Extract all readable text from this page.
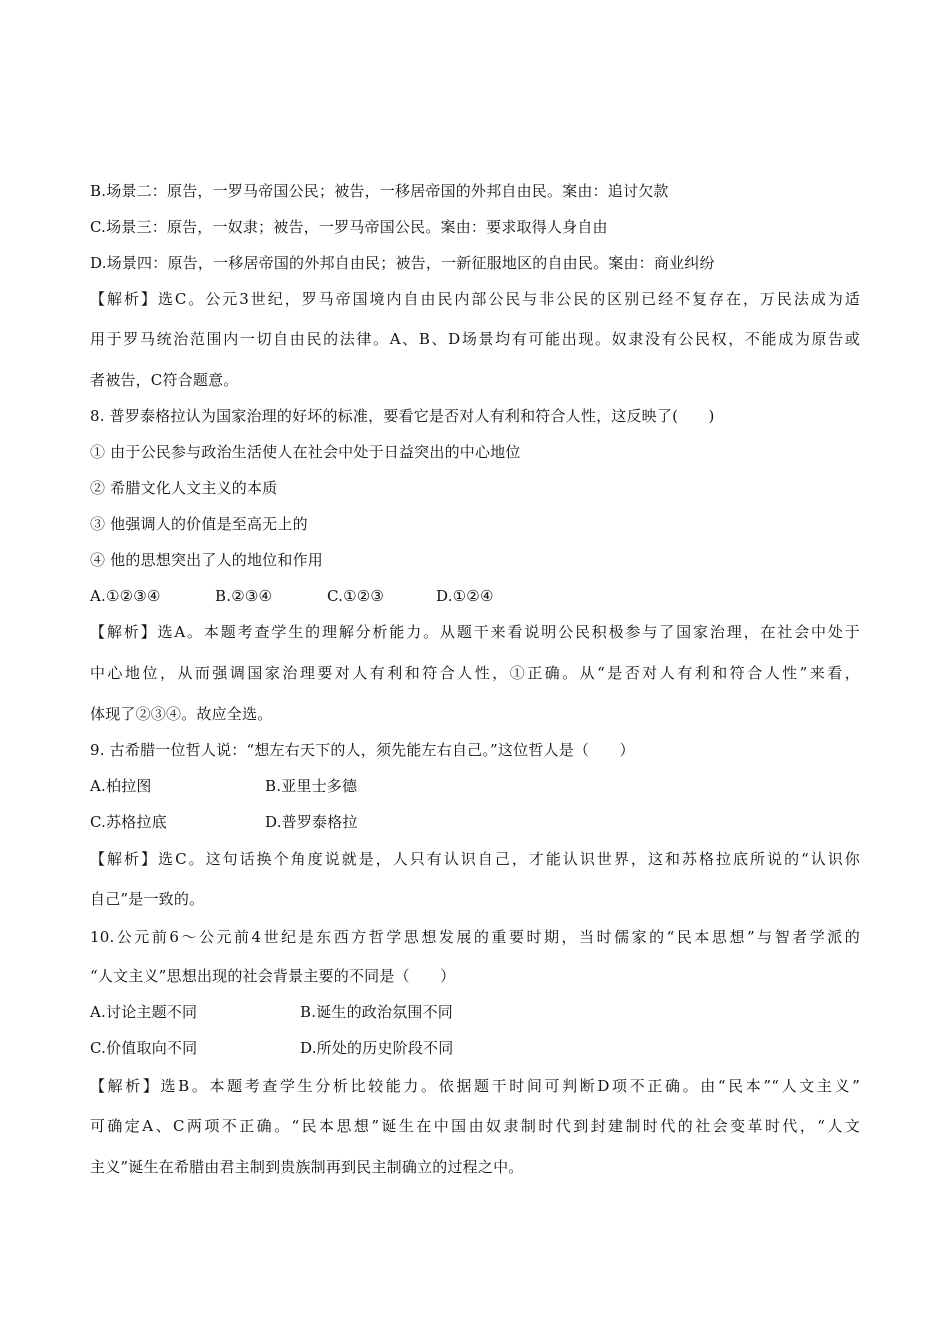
B.场景二：原告，一罗马帝国公民；被告，一移居帝国的外邦自由民。案由：追讨欠款
C.场景三：原告，一奴隶；被告，一罗马帝国公民。案由：要求取得人身自由
D.场景四：原告，一移居帝国的外邦自由民；被告，一新征服地区的自由民。案由：商业纠纷
【解析】选C。公元3世纪，罗马帝国境内自由民内部公民与非公民的区别已经不复存在，万民法成为适
用于罗马统治范围内一切自由民的法律。A、B、D场景均有可能出现。奴隶没有公民权，不能成为原告或
者被告，C符合题意。
8. 普罗泰格拉认为国家治理的好坏的标准，要看它是否对人有利和符合人性，这反映了(　　)
① 由于公民参与政治生活使人在社会中处于日益突出的中心地位
② 希腊文化人文主义的本质
③ 他强调人的价值是至高无上的
④ 他的思想突出了人的地位和作用
A.①②③④	B.②③④	C.①②③	D.①②④
【解析】选A。本题考查学生的理解分析能力。从题干来看说明公民积极参与了国家治理，在社会中处于
中心地位，从而强调国家治理要对人有利和符合人性，①正确。从“是否对人有利和符合人性”来看，
体现了②③④。故应全选。
9. 古希腊一位哲人说：“想左右天下的人，须先能左右自己。”这位哲人是（　　）
A.柏拉图	B.亚里士多德
C.苏格拉底	D.普罗泰格拉
【解析】选C。这句话换个角度说就是，人只有认识自己，才能认识世界，这和苏格拉底所说的“认识你
自己”是一致的。
10.公元前6～公元前4世纪是东西方哲学思想发展的重要时期，当时儒家的“民本思想”与智者学派的
“人文主义”思想出现的社会背景主要的不同是（　　）
A.讨论主题不同	B.诞生的政治氛围不同
C.价值取向不同	D.所处的历史阶段不同
【解析】选B。本题考查学生分析比较能力。依据题干时间可判断D项不正确。由“民本”“人文主义”
可确定A、C两项不正确。“民本思想”诞生在中国由奴隶制时代到封建制时代的社会变革时代，“人文
主义”诞生在希腊由君主制到贵族制再到民主制确立的过程之中。
